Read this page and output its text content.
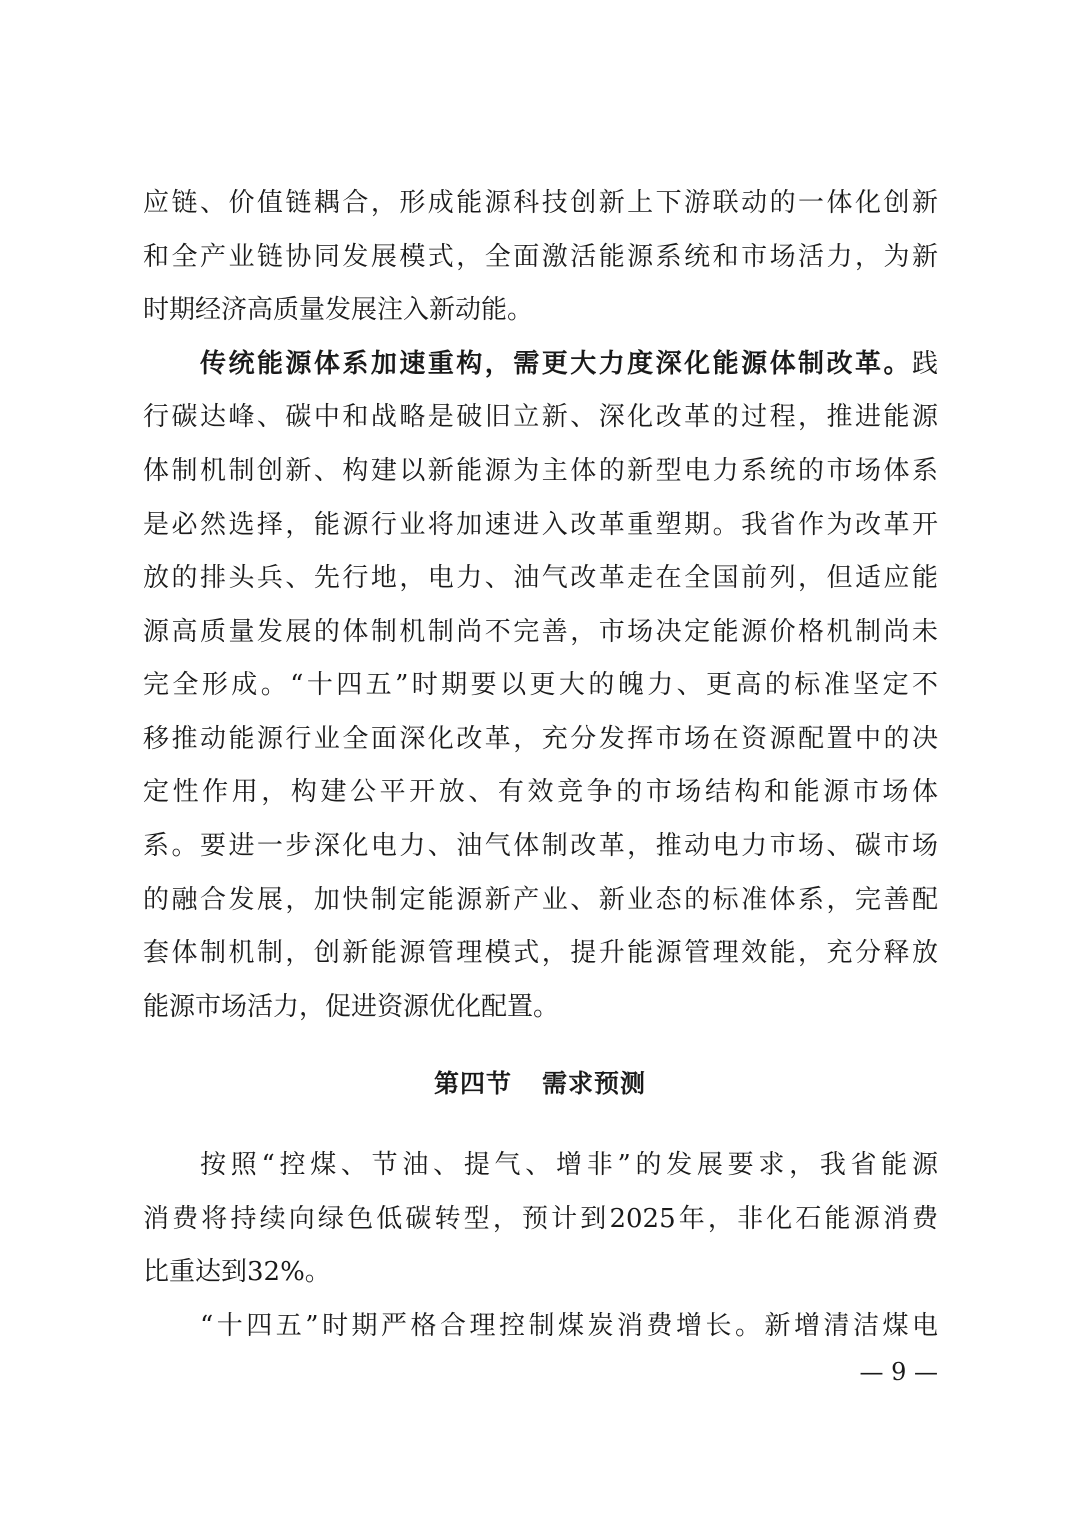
应链、价值链耦合，形成能源科技创新上下游联动的一体化创新
和全产业链协同发展模式，全面激活能源系统和市场活力，为新
时期经济高质量发展注入新动能。
传统能源体系加速重构，需更大力度深化能源体制改革。践
行碳达峰、碳中和战略是破旧立新、深化改革的过程，推进能源
体制机制创新、构建以新能源为主体的新型电力系统的市场体系
是必然选择，能源行业将加速进入改革重塑期。我省作为改革开
放的排头兵、先行地，电力、油气改革走在全国前列，但适应能
源高质量发展的体制机制尚不完善，市场决定能源价格机制尚未
完全形成。“十四五”时期要以更大的魄力、更高的标准坚定不
移推动能源行业全面深化改革，充分发挥市场在资源配置中的决
定性作用，构建公平开放、有效竞争的市场结构和能源市场体
系。要进一步深化电力、油气体制改革，推动电力市场、碳市场
的融合发展，加快制定能源新产业、新业态的标准体系，完善配
套体制机制，创新能源管理模式，提升能源管理效能，充分释放
能源市场活力，促进资源优化配置。
第四节 需求预测
按照“控煤、节油、提气、增非”的发展要求，我省能源
消费将持续向绿色低碳转型，预计到2025年，非化石能源消费
比重达到32%。
“十四五”时期严格合理控制煤炭消费增长。新增清洁煤电
— 9 —
